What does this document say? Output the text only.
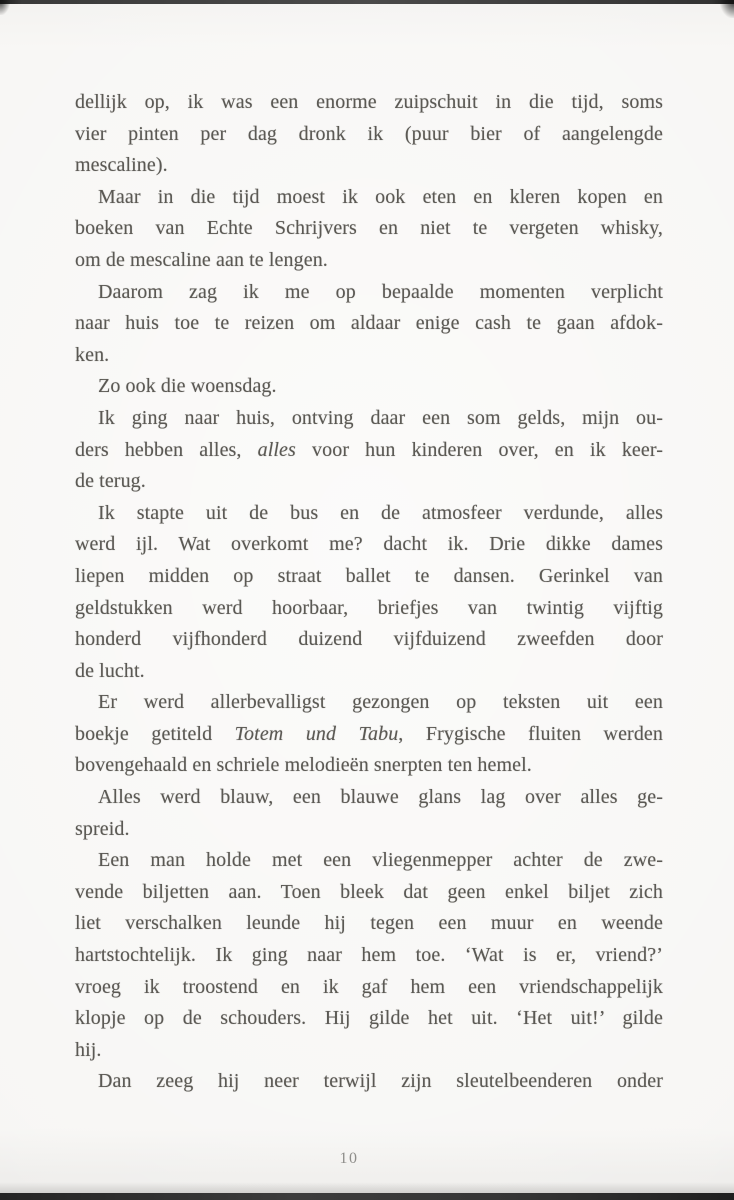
dellijk op, ik was een enorme zuipschuit in die tijd, soms
vier pinten per dag dronk ik (puur bier of aangelengde
mescaline).
Maar in die tijd moest ik ook eten en kleren kopen en
boeken van Echte Schrijvers en niet te vergeten whisky,
om de mescaline aan te lengen.
Daarom zag ik me op bepaalde momenten verplicht
naar huis toe te reizen om aldaar enige cash te gaan afdok-
ken.
Zo ook die woensdag.
Ik ging naar huis, ontving daar een som gelds, mijn ou-
ders hebben alles, alles voor hun kinderen over, en ik keer-
de terug.
Ik stapte uit de bus en de atmosfeer verdunde, alles
werd ijl. Wat overkomt me? dacht ik. Drie dikke dames
liepen midden op straat ballet te dansen. Gerinkel van
geldstukken werd hoorbaar, briefjes van twintig vijftig
honderd vijfhonderd duizend vijfduizend zweefden door
de lucht.
Er werd allerbevalligst gezongen op teksten uit een
boekje getiteld Totem und Tabu, Frygische fluiten werden
bovengehaald en schriele melodieën snerpten ten hemel.
Alles werd blauw, een blauwe glans lag over alles ge-
spreid.
Een man holde met een vliegenmepper achter de zwe-
vende biljetten aan. Toen bleek dat geen enkel biljet zich
liet verschalken leunde hij tegen een muur en weende
hartstochtelijk. Ik ging naar hem toe. ‘Wat is er, vriend?’
vroeg ik troostend en ik gaf hem een vriendschappelijk
klopje op de schouders. Hij gilde het uit. ‘Het uit!’ gilde
hij.
Dan zeeg hij neer terwijl zijn sleutelbeenderen onder
10
